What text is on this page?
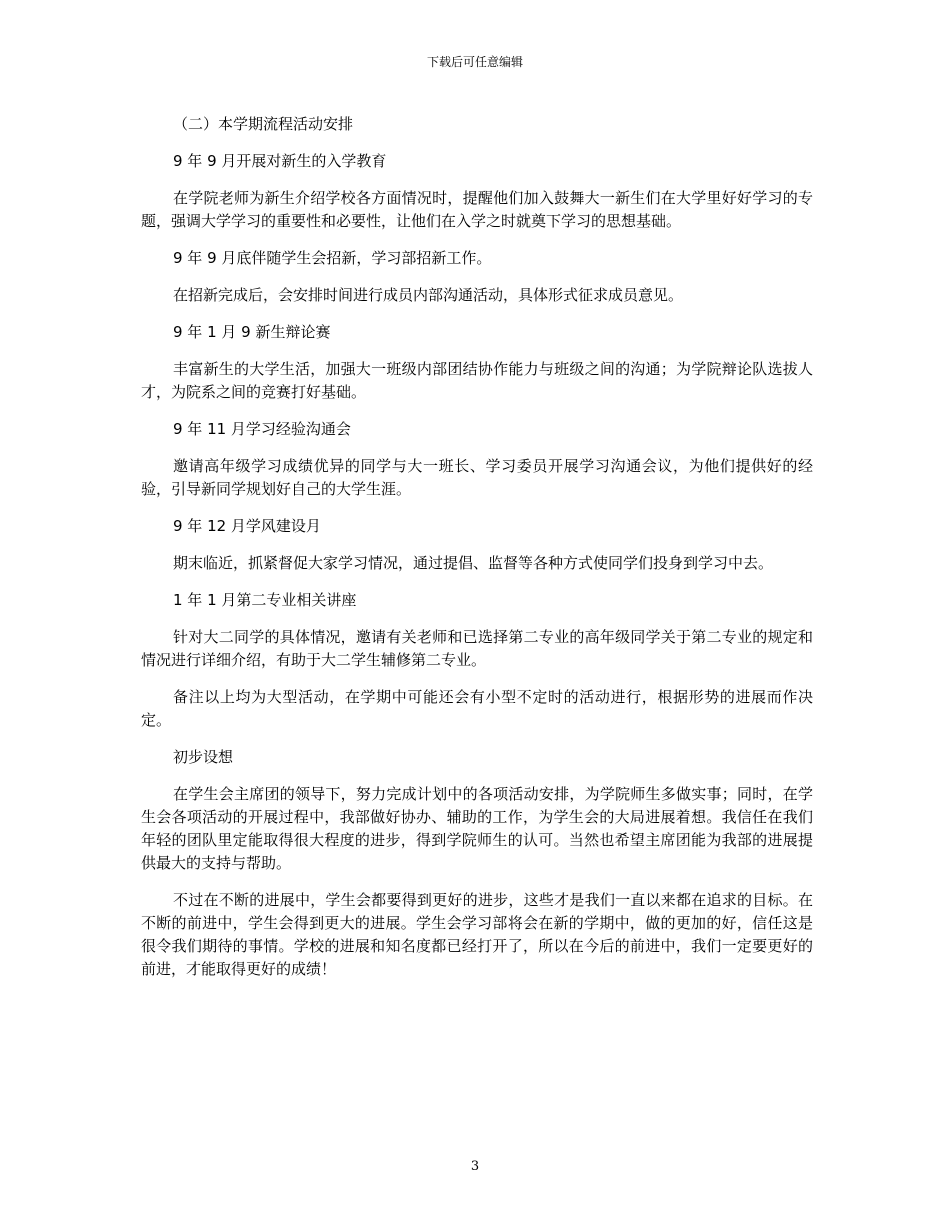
下载后可任意编辑

（二）本学期流程活动安排

9 年 9 月开展对新生的入学教育

在学院老师为新生介绍学校各方面情况时，提醒他们加入鼓舞大一新生们在大学里好好学习的专题，强调大学学习的重要性和必要性，让他们在入学之时就奠下学习的思想基础。

9 年 9 月底伴随学生会招新，学习部招新工作。

在招新完成后，会安排时间进行成员内部沟通活动，具体形式征求成员意见。

9 年 1 月 9 新生辩论赛

丰富新生的大学生活，加强大一班级内部团结协作能力与班级之间的沟通；为学院辩论队选拔人才，为院系之间的竞赛打好基础。

9 年 11 月学习经验沟通会

邀请高年级学习成绩优异的同学与大一班长、学习委员开展学习沟通会议，为他们提供好的经验，引导新同学规划好自己的大学生涯。

9 年 12 月学风建设月

期末临近，抓紧督促大家学习情况，通过提倡、监督等各种方式使同学们投身到学习中去。

1 年 1 月第二专业相关讲座

针对大二同学的具体情况，邀请有关老师和已选择第二专业的高年级同学关于第二专业的规定和情况进行详细介绍，有助于大二学生辅修第二专业。

备注以上均为大型活动，在学期中可能还会有小型不定时的活动进行，根据形势的进展而作决定。

初步设想

在学生会主席团的领导下，努力完成计划中的各项活动安排，为学院师生多做实事；同时，在学生会各项活动的开展过程中，我部做好协办、辅助的工作，为学生会的大局进展着想。我信任在我们年轻的团队里定能取得很大程度的进步，得到学院师生的认可。当然也希望主席团能为我部的进展提供最大的支持与帮助。

不过在不断的进展中，学生会都要得到更好的进步，这些才是我们一直以来都在追求的目标。在不断的前进中，学生会得到更大的进展。学生会学习部将会在新的学期中，做的更加的好，信任这是很令我们期待的事情。学校的进展和知名度都已经打开了，所以在今后的前进中，我们一定要更好的前进，才能取得更好的成绩！

3
